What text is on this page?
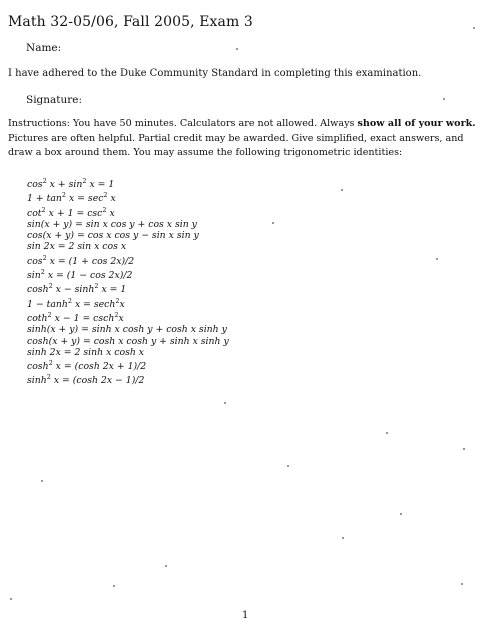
Math 32-05/06, Fall 2005, Exam 3
Name:
I have adhered to the Duke Community Standard in completing this examination.
Signature:
Instructions: You have 50 minutes. Calculators are not allowed. Always show all of your work.
Pictures are often helpful. Partial credit may be awarded. Give simplified, exact answers, and
draw a box around them. You may assume the following trigonometric identities:
$\cos^2 x + \sin^2 x = 1$
$1 + \tan^2 x = \sec^2 x$
$\cot^2 x + 1 = \csc^2 x$
sin(x + y) = sin x cos y + cos x sin y
cos(x + y) = cos x cos y − sin x sin y
sin 2x = 2 sin x cos x
$\cos^2 x = (1 + \cos 2x)/2$
$\sin^2 x = (1 - \cos 2x)/2$
$\cosh^2 x - \sinh^2 x = 1$
$1 - \tanh^2 x = \sec h^2x$
coth$^2$ x − 1 = csch$^2$x
sinh(x + y) = sinh x cosh y + cosh x sinh y
cosh(x + y) = cosh x cosh y + sinh x sinh y
sinh 2x = 2 sinh x cosh x
$\cosh^2 x = (\cosh$ 2x + 1)/2
$\sinh^2 x = (\cosh$ 2x − 1)/2
1
